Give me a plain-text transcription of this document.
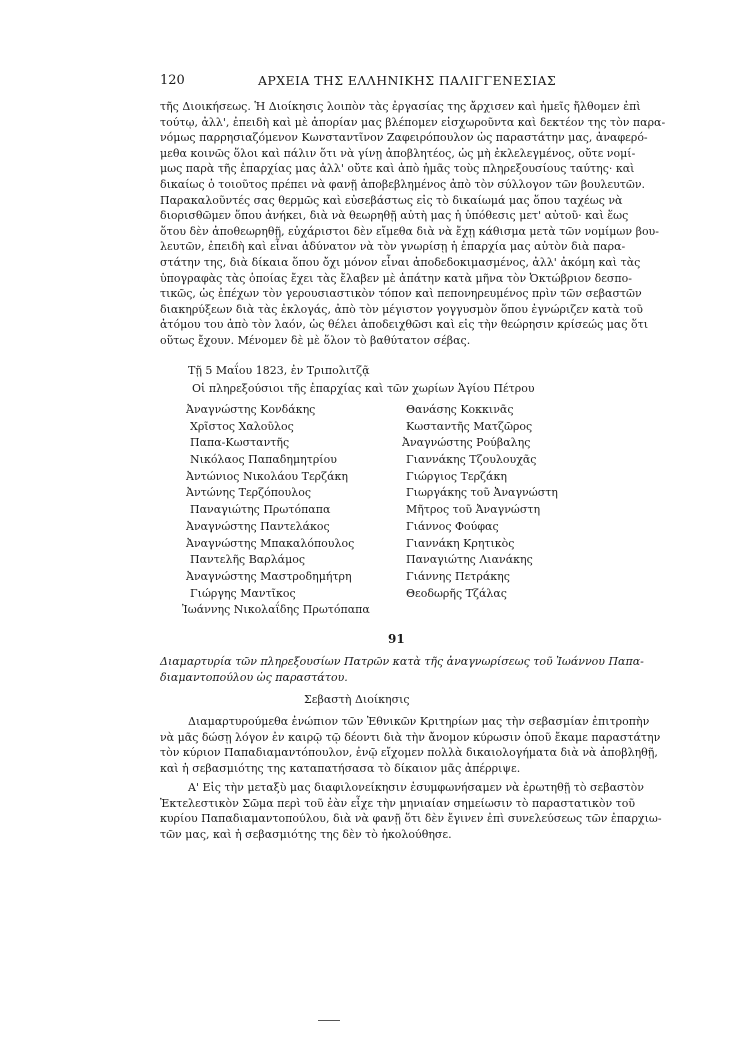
120	ΑΡΧΕΙΑ ΤΗΣ ΕΛΛΗΝΙΚΗΣ ΠΑΛΙΓΓΕΝΕΣΙΑΣ
τῆς Διοικήσεως. Ἡ Διοίκησις λοιπὸν τὰς ἐργασίας της ἄρχισεν καὶ ἡμεῖς ἤλθομεν ἐπὶ
τούτῳ, ἀλλ', ἐπειδὴ καὶ μὲ ἀπορίαν μας βλέπομεν εἰσχωροῦντα καὶ δεκτέον της τὸν παρα-
νόμως παρρησιαζόμενον Κωνσταντῖνον Ζαφειρόπουλον ὡς παραστάτην μας, ἀναφερό-
μεθα κοινῶς ὅλοι καὶ πάλιν ὅτι νὰ γίνῃ ἀποβλητέος, ὡς μὴ ἐκλελεγμένος, οὔτε νομί-
μως παρὰ τῆς ἐπαρχίας μας ἀλλ' οὔτε καὶ ἀπὸ ἡμᾶς τοὺς πληρεξουσίους ταύτης· καὶ
δικαίως ὁ τοιοῦτος πρέπει νὰ φανῇ ἀποβεβλημένος ἀπὸ τὸν σύλλογον τῶν βουλευτῶν.
Παρακαλοῦντές σας θερμῶς καὶ εὐσεβάστως εἰς τὸ δικαίωμά μας ὅπου ταχέως νὰ
διορισθῶμεν ὅπου ἀνήκει, διὰ νὰ θεωρηθῇ αὐτὴ μας ἡ ὑπόθεσις μετ' αὐτοῦ· καὶ ἕως
ὅτου δὲν ἀποθεωρηθῇ, εὐχάριστοι δὲν εἴμεθα διὰ νὰ ἔχῃ κάθισμα μετὰ τῶν νομίμων βου-
λευτῶν, ἐπειδὴ καὶ εἶναι ἀδύνατον νὰ τὸν γνωρίσῃ ἡ ἐπαρχία μας αὐτὸν διὰ παρα-
στάτην της, διὰ δίκαια ὅπου ὄχι μόνον εἶναι ἀποδεδοκιμασμένος, ἀλλ' ἀκόμη καὶ τὰς
ὑπογραφὰς τὰς ὁποίας ἔχει τὰς ἔλαβεν μὲ ἀπάτην κατὰ μῆνα τὸν Ὀκτώβριον δεσπο-
τικῶς, ὡς ἐπέχων τὸν γερουσιαστικὸν τόπον καὶ πεπονηρευμένος πρὶν τῶν σεβαστῶν
διακηρύξεων διὰ τὰς ἐκλογάς, ἀπὸ τὸν μέγιστον γογγυσμὸν ὅπου ἐγνώριζεν κατὰ τοῦ
ἀτόμου του ἀπὸ τὸν λαόν, ὡς θέλει ἀποδειχθῶσι καὶ εἰς τὴν θεώρησιν κρίσεώς μας ὅτι
οὕτως ἔχουν. Μένομεν δὲ μὲ ὅλον τὸ βαθύτατον σέβας.
Τῇ 5 Μαΐου 1823, ἐν Τριπολιτζᾷ
Οἱ πληρεξούσιοι τῆς ἐπαρχίας καὶ τῶν χωρίων Ἁγίου Πέτρου
Ἀναγνώστης Κονδάκης
Χρῖστος Χαλοῦλος
Παπα-Κωσταντῆς
Νικόλαος Παπαδημητρίου
Ἀντώνιος Νικολάου Τερζάκη
Ἀντώνης Τερζόπουλος
Παναγιώτης Πρωτόπαπα
Ἀναγνώστης Παντελάκος
Ἀναγνώστης Μπακαλόπουλος
Παντελῆς Βαρλάμος
Ἀναγνώστης Μαστροδημήτρη
Γιώργης Μαντῖκος
Ἰωάννης Νικολαΐδης Πρωτόπαπα
Θανάσης Κοκκινᾶς
Κωσταντῆς Ματζῶρος
Ἀναγνώστης Ρούβαλης
Γιαννάκης Τζουλουχᾶς
Γιώργιος Τερζάκη
Γιωργάκης τοῦ Ἀναγνώστη
Μῆτρος τοῦ Ἀναγνώστη
Γιάννος Φούφας
Γιαννάκη Κρητικὸς
Παναγιώτης Λιανάκης
Γιάννης Πετράκης
Θεοδωρῆς Τζάλας
91
Διαμαρτυρία τῶν πληρεξουσίων Πατρῶν κατὰ τῆς ἀναγνωρίσεως τοῦ Ἰωάννου Παπα-
διαμαντοπούλου ὡς παραστάτου.
Σεβαστὴ Διοίκησις
Διαμαρτυρούμεθα ἐνώπιον τῶν Ἐθνικῶν Κριτηρίων μας τὴν σεβασμίαν ἐπιτροπὴν
νὰ μᾶς δώσῃ λόγον ἐν καιρῷ τῷ δέοντι διὰ τὴν ἄνομον κύρωσιν ὁποῦ ἔκαμε παραστάτην
τὸν κύριον Παπαδιαμαντόπουλον, ἐνῷ εἴχομεν πολλὰ δικαιολογήματα διὰ νὰ ἀποβληθῇ,
καὶ ἡ σεβασμιότης της καταπατήσασα τὸ δίκαιον μᾶς ἀπέρριψε.
Α' Εἰς τὴν μεταξὺ μας διαφιλονείκησιν ἐσυμφωνήσαμεν νὰ ἐρωτηθῇ τὸ σεβαστὸν
Ἐκτελεστικὸν Σῶμα περὶ τοῦ ἐὰν εἶχε τὴν μηνιαίαν σημείωσιν τὸ παραστατικὸν τοῦ
κυρίου Παπαδιαμαντοπούλου, διὰ νὰ φανῇ ὅτι δὲν ἔγινεν ἐπὶ συνελεύσεως τῶν ἐπαρχιω-
τῶν μας, καὶ ἡ σεβασμιότης της δὲν τὸ ἠκολούθησε.
